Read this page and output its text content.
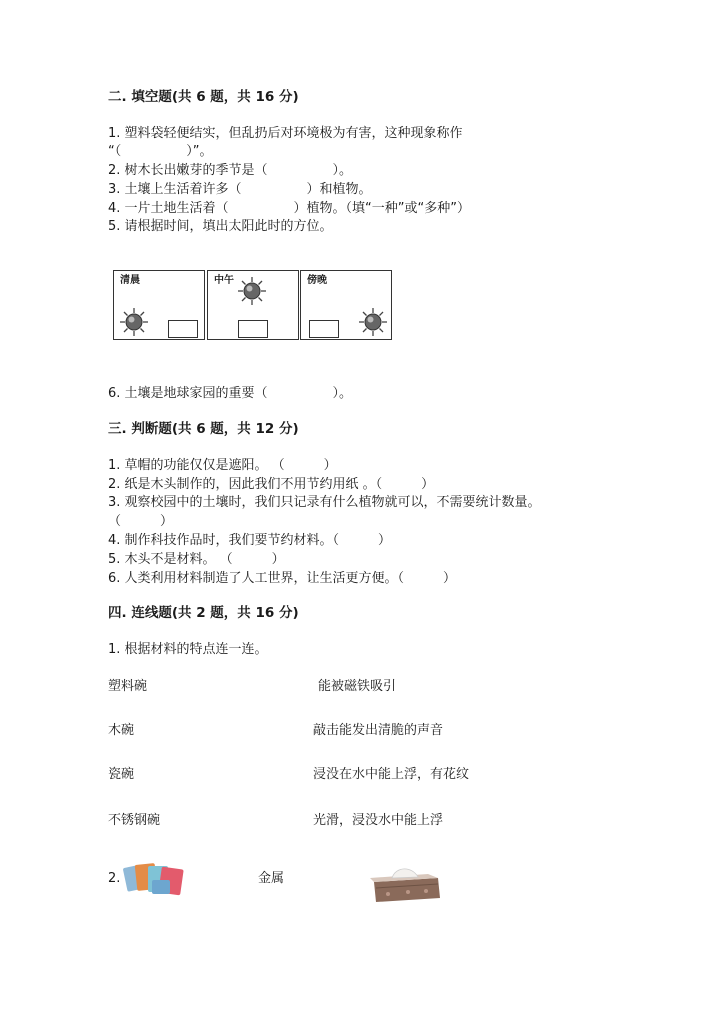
二. 填空题(共 6 题，共 16 分)
1. 塑料袋轻便结实，但乱扔后对环境极为有害，这种现象称作
“（　　　　　）”。
2. 树木长出嫩芽的季节是（　　　　　）。
3. 土壤上生活着许多（　　　　　）和植物。
4. 一片土地生活着（　　　　　）植物。（填“一种”或“多种”）
5. 请根据时间，填出太阳此时的方位。
清晨	中午	傍晚
6. 土壤是地球家园的重要（　　　　　）。
三. 判断题(共 6 题，共 12 分)
1. 草帽的功能仅仅是遮阳。 （　　　）
2. 纸是木头制作的，因此我们不用节约用纸 。（　　　）
3. 观察校园中的土壤时，我们只记录有什么植物就可以，不需要统计数量。
（　　　）
4. 制作科技作品时，我们要节约材料。（　　　）
5. 木头不是材料。 （　　　）
6. 人类利用材料制造了人工世界，让生活更方便。（　　　）
四. 连线题(共 2 题，共 16 分)
1. 根据材料的特点连一连。
塑料碗	能被磁铁吸引
木碗	敲击能发出清脆的声音
瓷碗	浸没在水中能上浮，有花纹
不锈钢碗	光滑，浸没水中能上浮
2.	金属
